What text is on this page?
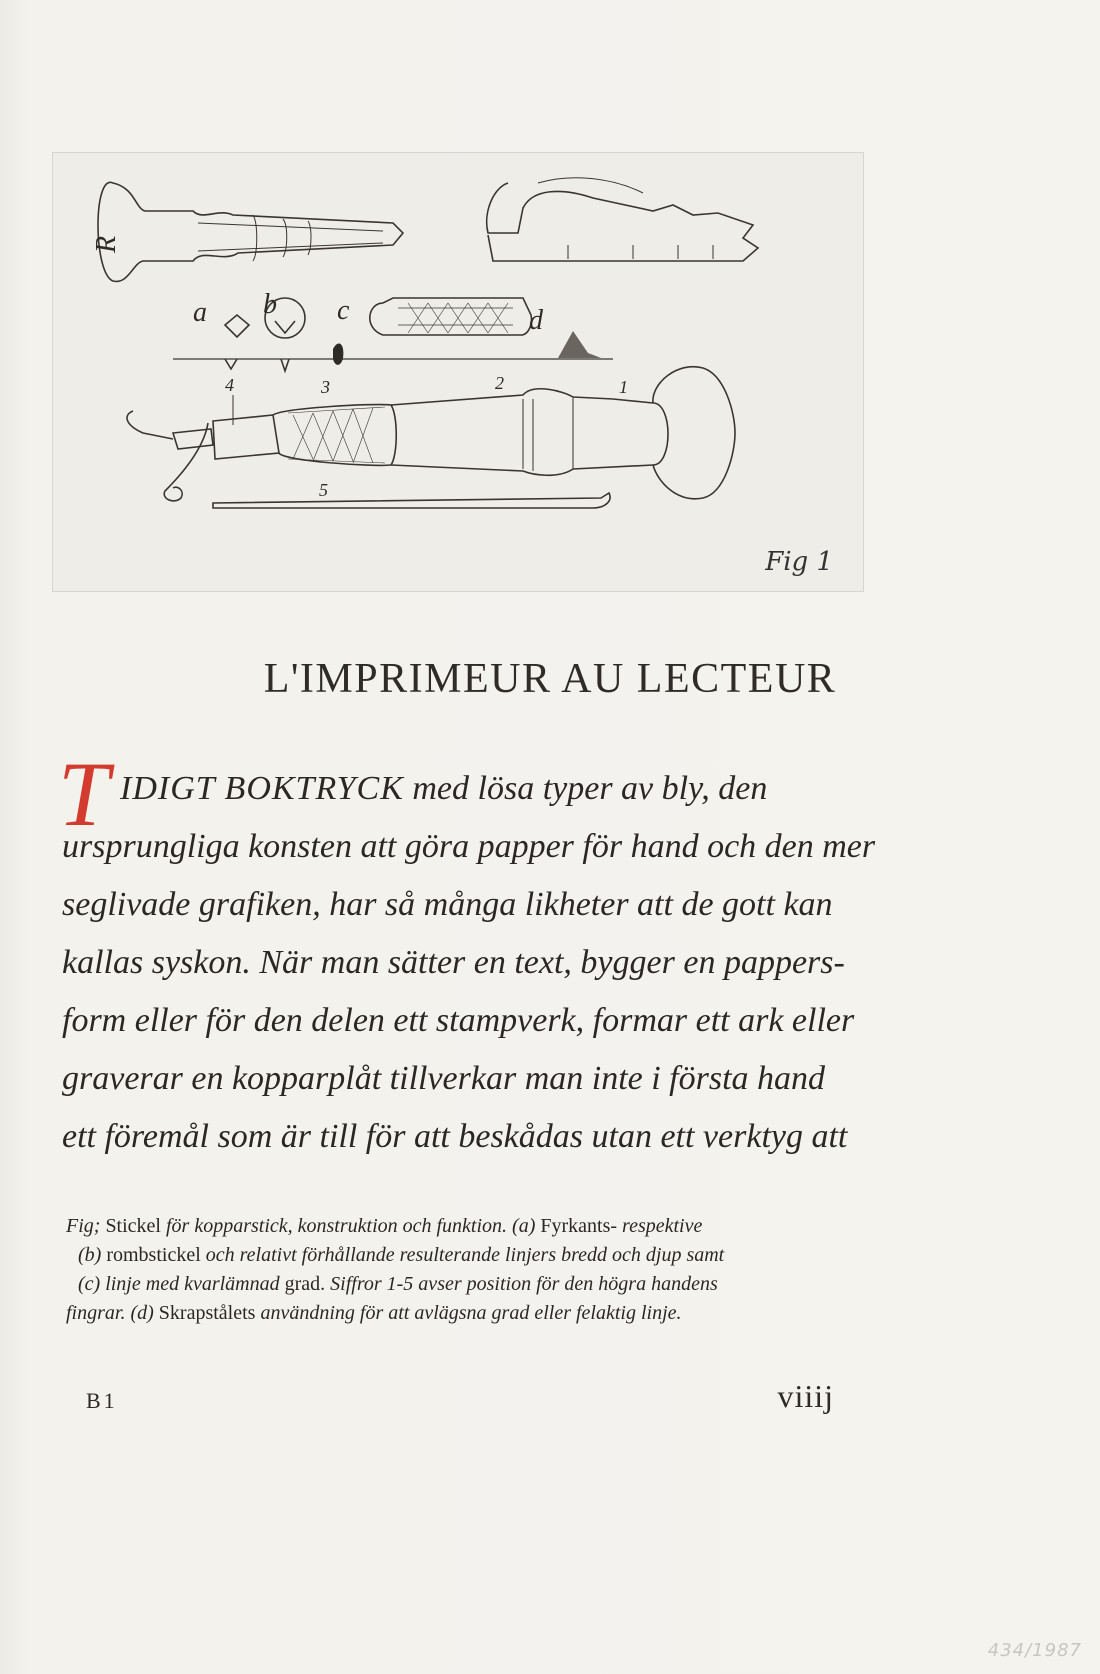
R
a b c	d
4	3	2	1
5
Fig 1
L'IMPRIMEUR AU LECTEUR
T IDIGT BOKTRYCK med lösa typer av bly, den
ursprungliga konsten att göra papper för hand och den mer
seglivade grafiken, har så många likheter att de gott kan
kallas syskon. När man sätter en text, bygger en pappers-
form eller för den delen ett stampverk, formar ett ark eller
graverar en kopparplåt tillverkar man inte i första hand
ett föremål som är till för att beskådas utan ett verktyg att
Fig; Stickel för kopparstick, konstruktion och funktion. (a) Fyrkants- respektive
(b) rombstickel och relativt förhållande resulterande linjers bredd och djup samt
(c) linje med kvarlämnad grad. Siffror 1-5 avser position för den högra handens
fingrar. (d) Skrapstålets användning för att avlägsna grad eller felaktig linje.
B1	viiij
434/1987
